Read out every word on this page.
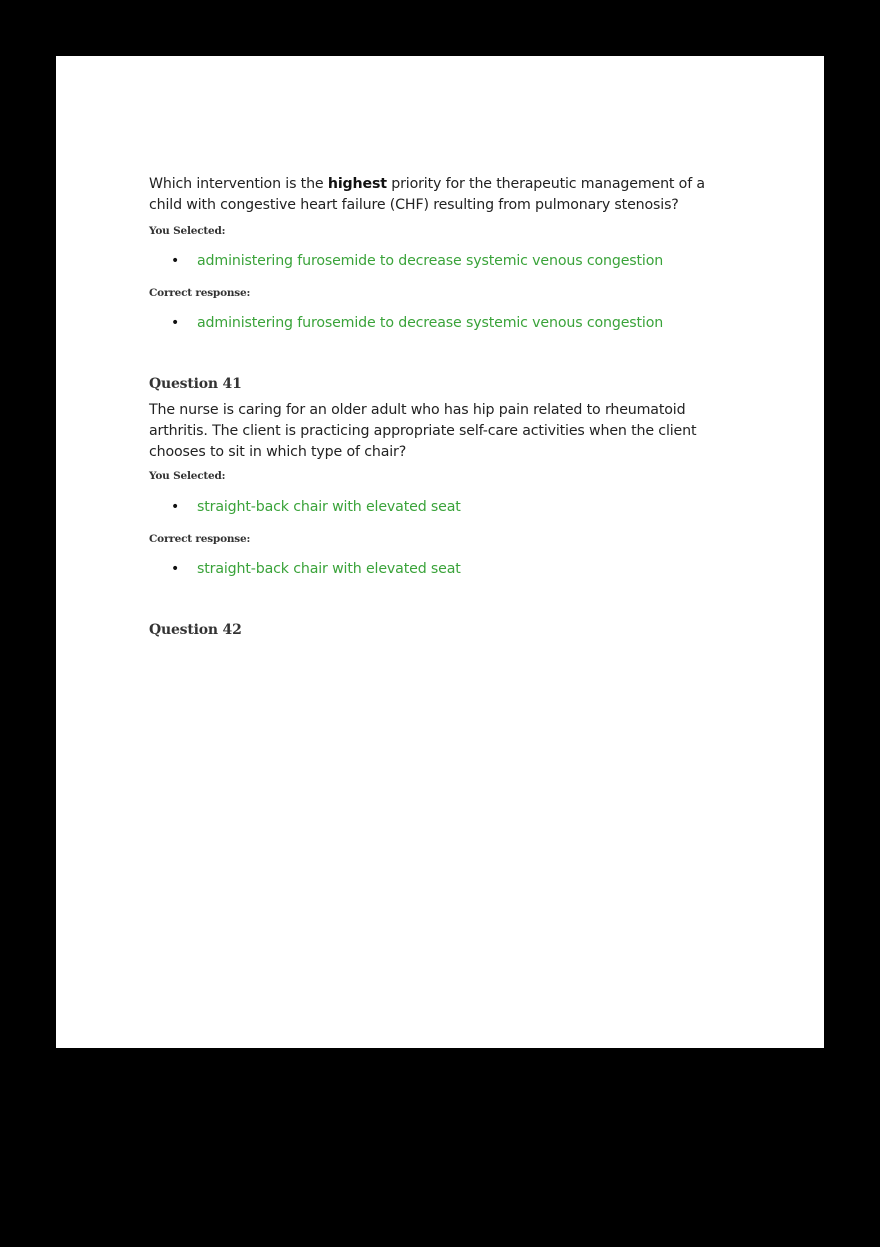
Which intervention is the highest priority for the therapeutic management of a child with congestive heart failure (CHF) resulting from pulmonary stenosis?

You Selected:

• administering furosemide to decrease systemic venous congestion

Correct response:

• administering furosemide to decrease systemic venous congestion

Question 41

The nurse is caring for an older adult who has hip pain related to rheumatoid arthritis. The client is practicing appropriate self-care activities when the client chooses to sit in which type of chair?

You Selected:

• straight-back chair with elevated seat

Correct response:

• straight-back chair with elevated seat

Question 42
